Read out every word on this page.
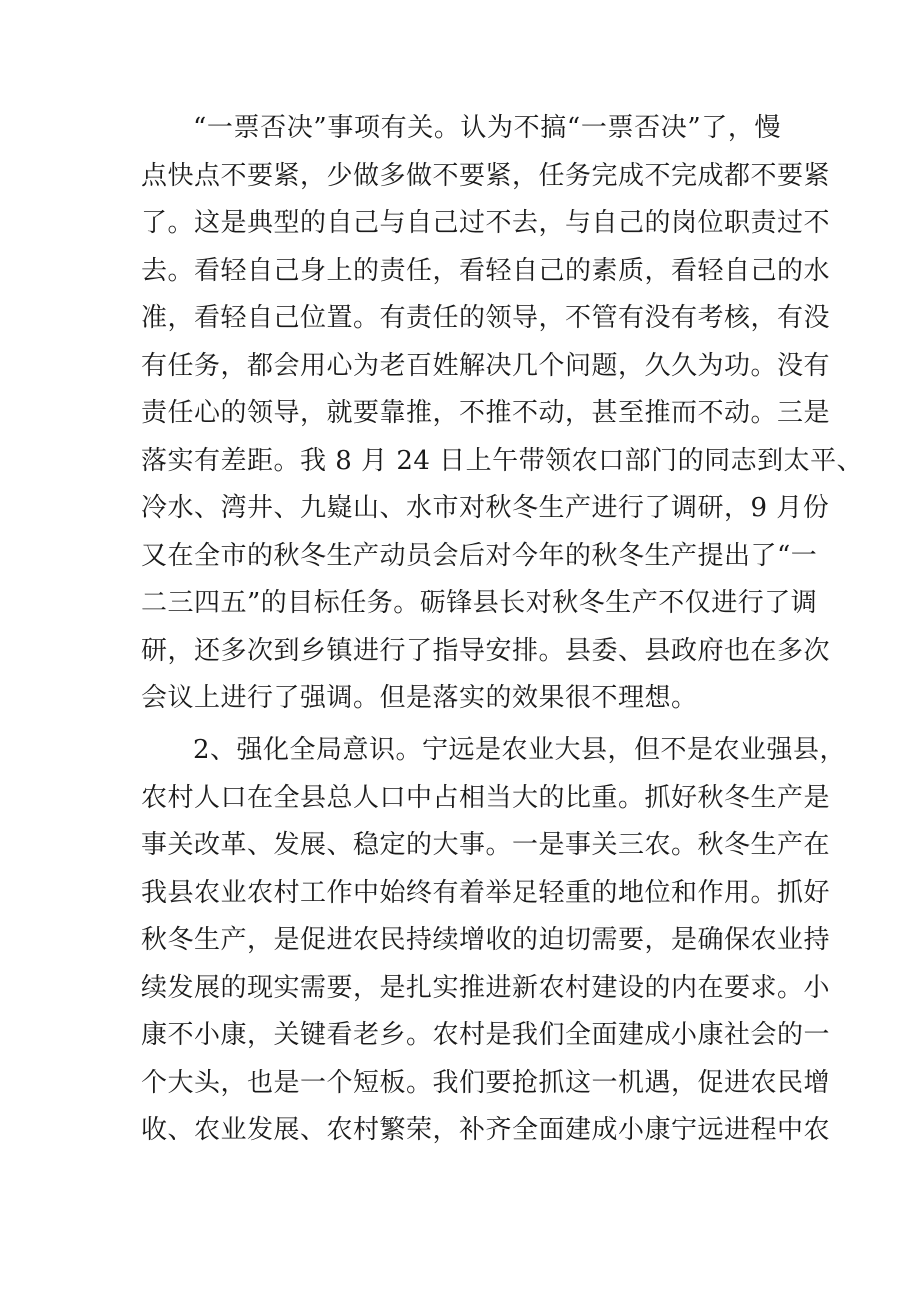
“一票否决”事项有关。认为不搞“一票否决”了，慢
点快点不要紧，少做多做不要紧，任务完成不完成都不要紧
了。这是典型的自己与自己过不去，与自己的岗位职责过不
去。看轻自己身上的责任，看轻自己的素质，看轻自己的水
准，看轻自己位置。有责任的领导，不管有没有考核，有没
有任务，都会用心为老百姓解决几个问题，久久为功。没有
责任心的领导，就要靠推，不推不动，甚至推而不动。三是
落实有差距。我 8 月 24 日上午带领农口部门的同志到太平、
冷水、湾井、九嶷山、水市对秋冬生产进行了调研，9 月份
又在全市的秋冬生产动员会后对今年的秋冬生产提出了“一
二三四五”的目标任务。砺锋县长对秋冬生产不仅进行了调
研，还多次到乡镇进行了指导安排。县委、县政府也在多次
会议上进行了强调。但是落实的效果很不理想。
2、强化全局意识。宁远是农业大县，但不是农业强县，
农村人口在全县总人口中占相当大的比重。抓好秋冬生产是
事关改革、发展、稳定的大事。一是事关三农。秋冬生产在
我县农业农村工作中始终有着举足轻重的地位和作用。抓好
秋冬生产，是促进农民持续增收的迫切需要，是确保农业持
续发展的现实需要，是扎实推进新农村建设的内在要求。小
康不小康，关键看老乡。农村是我们全面建成小康社会的一
个大头，也是一个短板。我们要抢抓这一机遇，促进农民增
收、农业发展、农村繁荣，补齐全面建成小康宁远进程中农
